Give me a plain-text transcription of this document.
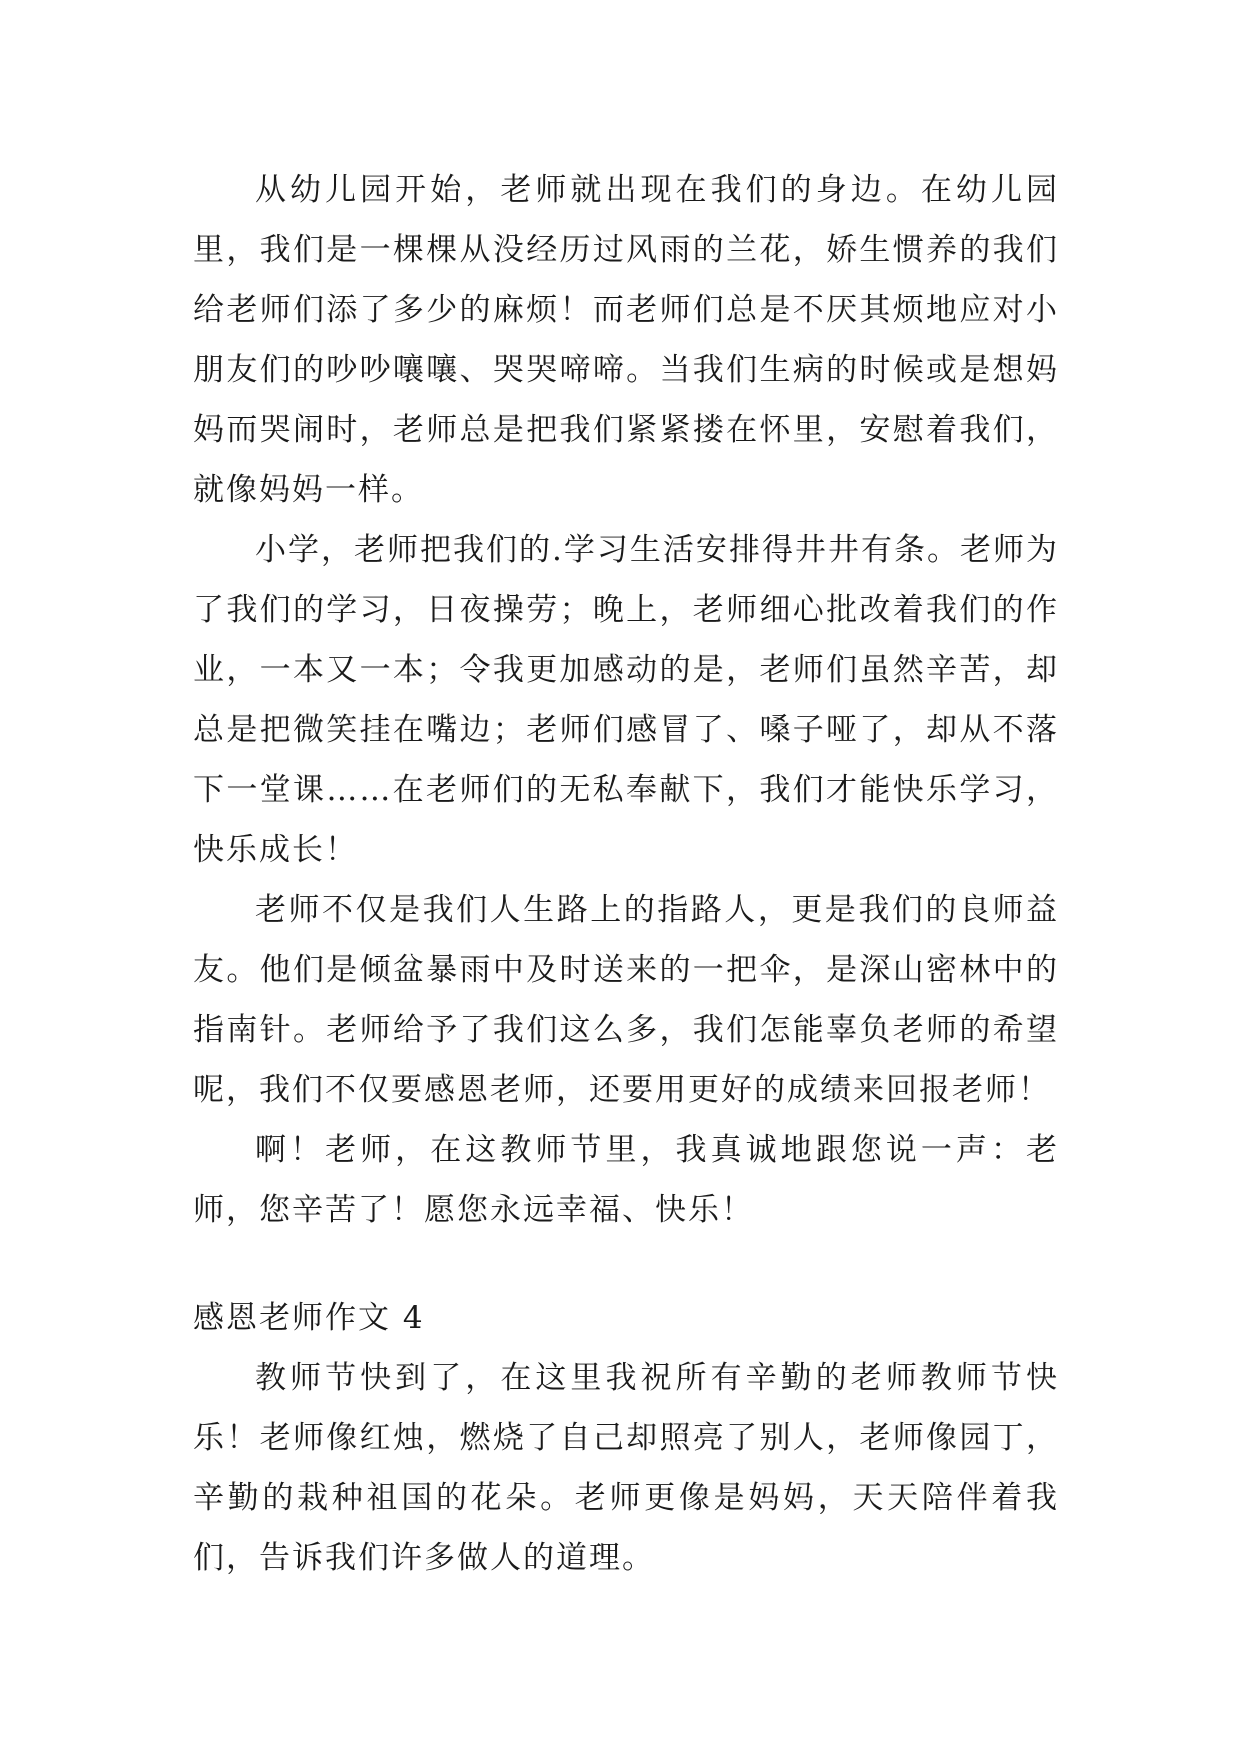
从幼儿园开始，老师就出现在我们的身边。在幼儿园里，我们是一棵棵从没经历过风雨的兰花，娇生惯养的我们给老师们添了多少的麻烦！而老师们总是不厌其烦地应对小朋友们的吵吵嚷嚷、哭哭啼啼。当我们生病的时候或是想妈妈而哭闹时，老师总是把我们紧紧搂在怀里，安慰着我们，就像妈妈一样。

小学，老师把我们的.学习生活安排得井井有条。老师为了我们的学习，日夜操劳；晚上，老师细心批改着我们的作业，一本又一本；令我更加感动的是，老师们虽然辛苦，却总是把微笑挂在嘴边；老师们感冒了、嗓子哑了，却从不落下一堂课……在老师们的无私奉献下，我们才能快乐学习，快乐成长！

老师不仅是我们人生路上的指路人，更是我们的良师益友。他们是倾盆暴雨中及时送来的一把伞，是深山密林中的指南针。老师给予了我们这么多，我们怎能辜负老师的希望呢，我们不仅要感恩老师，还要用更好的成绩来回报老师！

啊！老师，在这教师节里，我真诚地跟您说一声：老师，您辛苦了！愿您永远幸福、快乐！

感恩老师作文 4

教师节快到了，在这里我祝所有辛勤的老师教师节快乐！老师像红烛，燃烧了自己却照亮了别人，老师像园丁，辛勤的栽种祖国的花朵。老师更像是妈妈，天天陪伴着我们，告诉我们许多做人的道理。
